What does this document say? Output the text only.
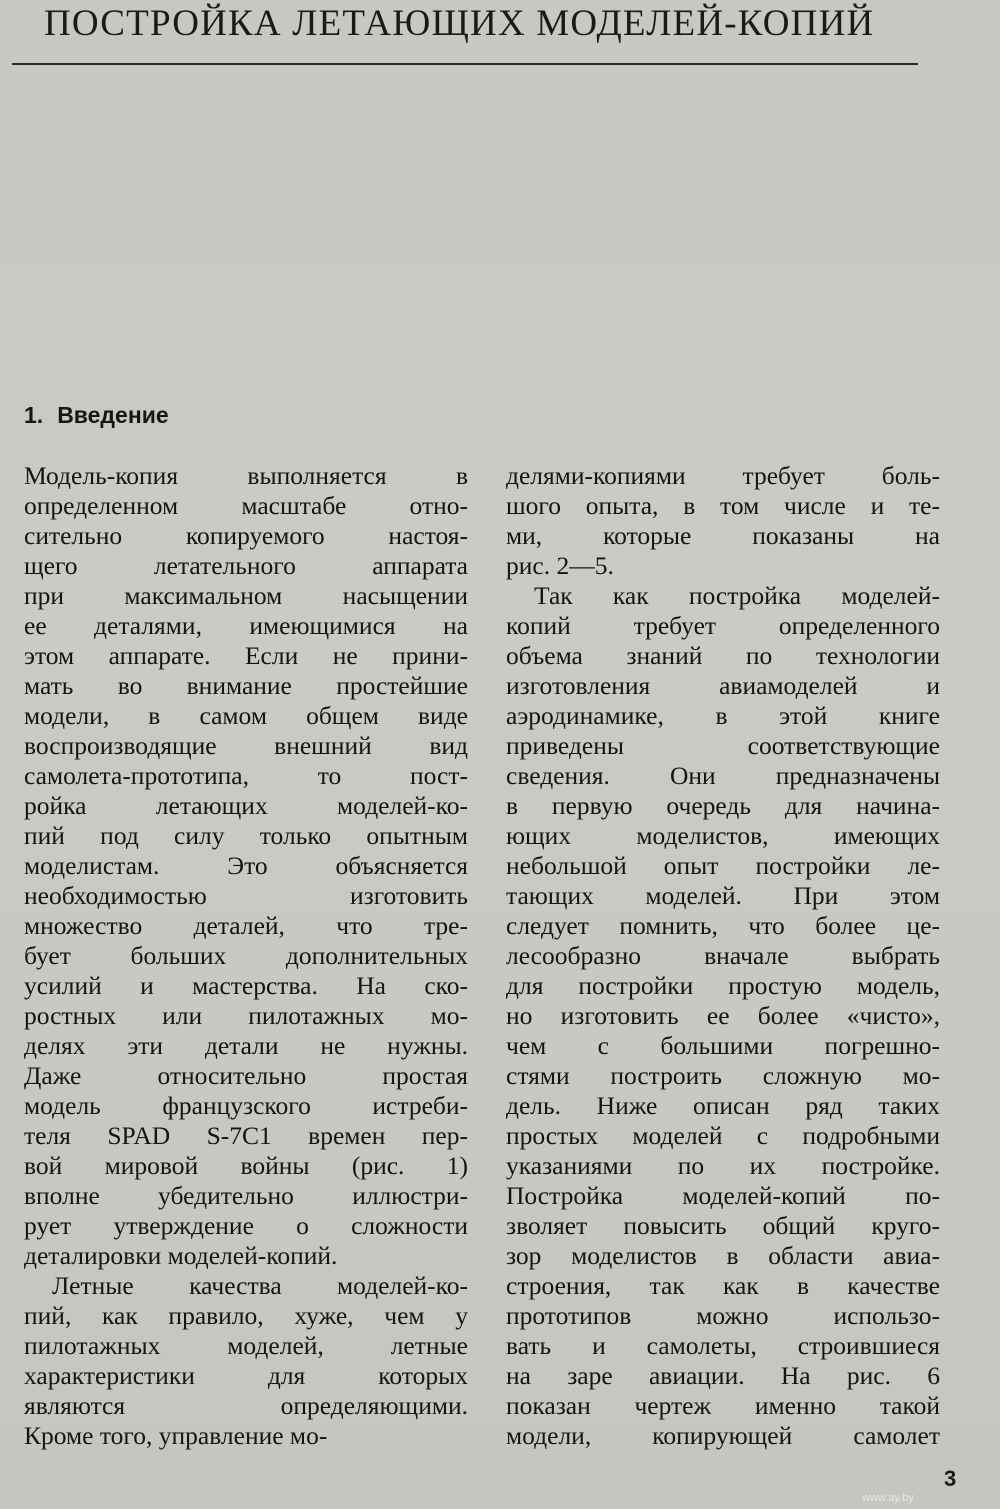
ПОСТРОЙКА ЛЕТАЮЩИХ МОДЕЛЕЙ-КОПИЙ
1. Введение
Модель-копия выполняется в
определенном масштабе отно-
сительно копируемого настоя-
щего летательного аппарата
при максимальном насыщении
ее деталями, имеющимися на
этом аппарате. Если не прини-
мать во внимание простейшие
модели, в самом общем виде
воспроизводящие внешний вид
самолета-прототипа, то пост-
ройка летающих моделей-ко-
пий под силу только опытным
моделистам. Это объясняется
необходимостью изготовить
множество деталей, что тре-
бует больших дополнительных
усилий и мастерства. На ско-
ростных или пилотажных мо-
делях эти детали не нужны.
Даже относительно простая
модель французского истреби-
теля SPAD S-7C1 времен пер-
вой мировой войны (рис. 1)
вполне убедительно иллюстри-
рует утверждение о сложности
деталировки моделей-копий.
Летные качества моделей-ко-
пий, как правило, хуже, чем у
пилотажных моделей, летные
характеристики для которых
являются определяющими.
Кроме того, управление мо-
делями-копиями требует боль-
шого опыта, в том числе и те-
ми, которые показаны на
рис. 2—5.
Так как постройка моделей-
копий требует определенного
объема знаний по технологии
изготовления авиамоделей и
аэродинамике, в этой книге
приведены соответствующие
сведения. Они предназначены
в первую очередь для начина-
ющих моделистов, имеющих
небольшой опыт постройки ле-
тающих моделей. При этом
следует помнить, что более це-
лесообразно вначале выбрать
для постройки простую модель,
но изготовить ее более «чисто»,
чем с большими погрешно-
стями построить сложную мо-
дель. Ниже описан ряд таких
простых моделей с подробными
указаниями по их постройке.
Постройка моделей-копий по-
зволяет повысить общий круго-
зор моделистов в области авиа-
строения, так как в качестве
прототипов можно использо-
вать и самолеты, строившиеся
на заре авиации. На рис. 6
показан чертеж именно такой
модели, копирующей самолет
3
www.ay.by
